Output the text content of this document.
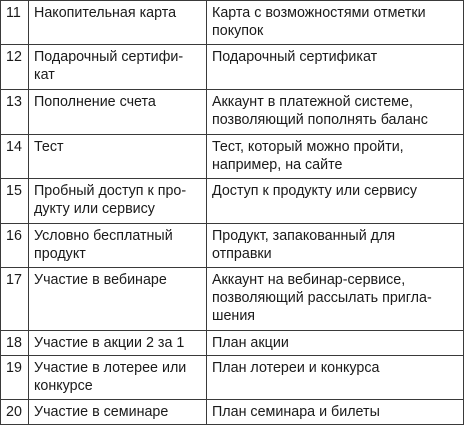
11	Накопительная карта	Карта с возможностями отметки
покупок
12	Подарочный сертифи-
кат	Подарочный сертификат
13	Пополнение счета	Аккаунт в платежной системе,
позволяющий пополнять баланс
14	Тест	Тест, который можно пройти,
например, на сайте
15	Пробный доступ к про-
дукту или сервису	Доступ к продукту или сервису
16	Условно бесплатный
продукт	Продукт, запакованный для
отправки
17	Участие в вебинаре	Аккаунт на вебинар-сервисе,
позволяющий рассылать пригла-
шения
18	Участие в акции 2 за 1	План акции
19	Участие в лотерее или
конкурсе	План лотереи и конкурса
20	Участие в семинаре	План семинара и билеты
